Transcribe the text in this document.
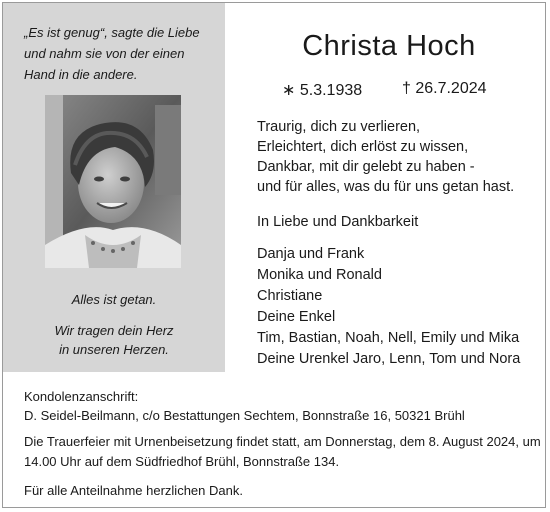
„Es ist genug“, sagte die Liebe
und nahm sie von der einen
Hand in die andere.
Alles ist getan.
Wir tragen dein Herz
in unseren Herzen.
Christa Hoch
∗ 5.3.1938 † 26.7.2024
Traurig, dich zu verlieren,
Erleichtert, dich erlöst zu wissen,
Dankbar, mit dir gelebt zu haben -
und für alles, was du für uns getan hast.
In Liebe und Dankbarkeit
Danja und Frank
Monika und Ronald
Christiane
Deine Enkel
Tim, Bastian, Noah, Nell, Emily und Mika
Deine Urenkel Jaro, Lenn, Tom und Nora
Kondolenzanschrift:
D. Seidel-Beilmann, c/o Bestattungen Sechtem, Bonnstraße 16, 50321 Brühl
Die Trauerfeier mit Urnenbeisetzung findet statt, am Donnerstag, dem 8. August 2024, um
14.00 Uhr auf dem Südfriedhof Brühl, Bonnstraße 134.
Für alle Anteilnahme herzlichen Dank.
